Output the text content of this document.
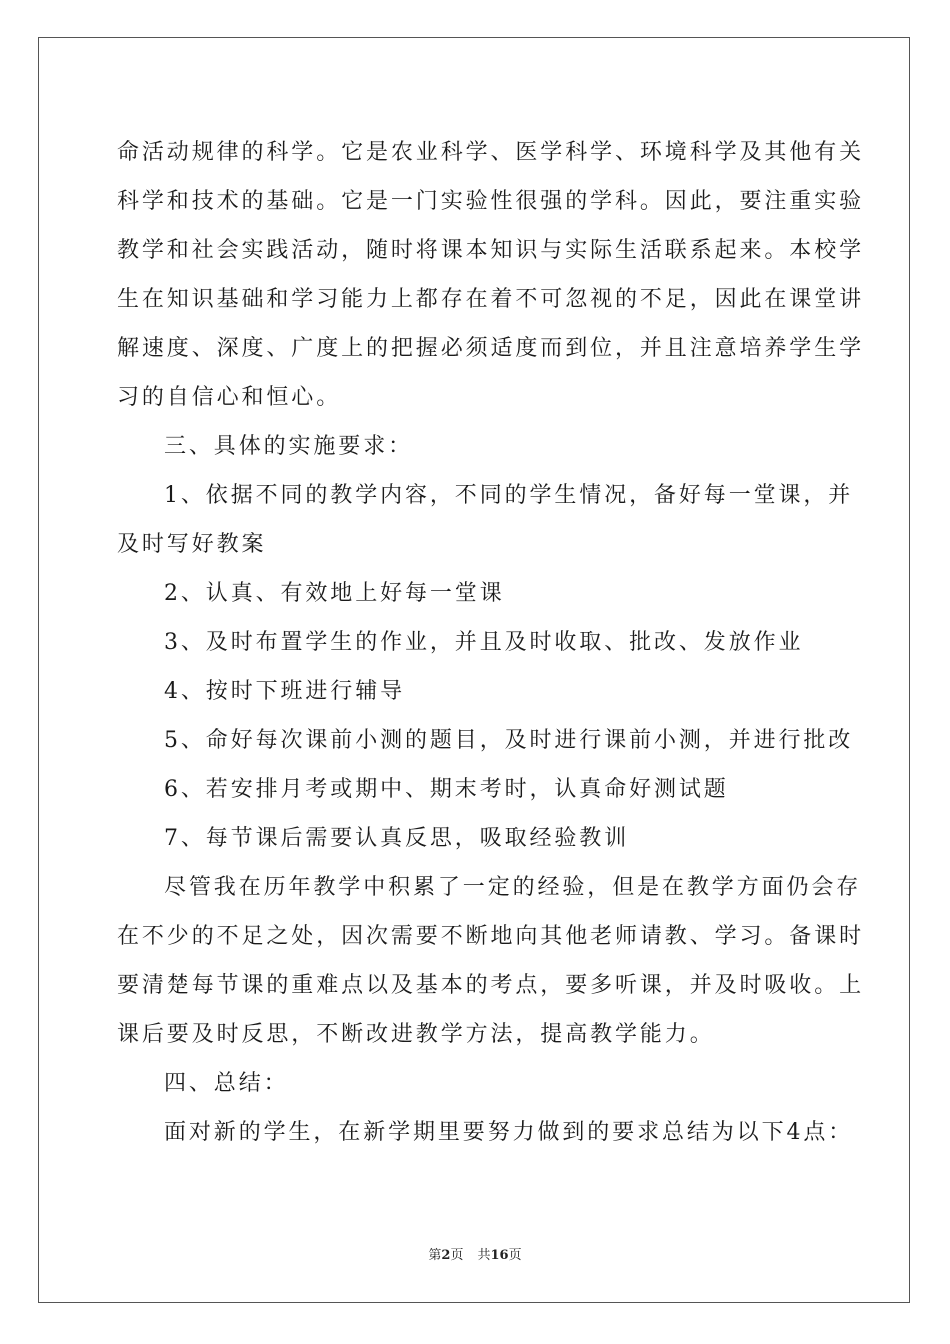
命活动规律的科学。它是农业科学、医学科学、环境科学及其他有关
科学和技术的基础。它是一门实验性很强的学科。因此，要注重实验
教学和社会实践活动，随时将课本知识与实际生活联系起来。本校学
生在知识基础和学习能力上都存在着不可忽视的不足，因此在课堂讲
解速度、深度、广度上的把握必须适度而到位，并且注意培养学生学
习的自信心和恒心。
三、具体的实施要求：
1、依据不同的教学内容，不同的学生情况，备好每一堂课，并
及时写好教案
2、认真、有效地上好每一堂课
3、及时布置学生的作业，并且及时收取、批改、发放作业
4、按时下班进行辅导
5、命好每次课前小测的题目，及时进行课前小测，并进行批改
6、若安排月考或期中、期末考时，认真命好测试题
7、每节课后需要认真反思，吸取经验教训
尽管我在历年教学中积累了一定的经验，但是在教学方面仍会存
在不少的不足之处，因次需要不断地向其他老师请教、学习。备课时
要清楚每节课的重难点以及基本的考点，要多听课，并及时吸收。上
课后要及时反思，不断改进教学方法，提高教学能力。
四、总结：
面对新的学生，在新学期里要努力做到的要求总结为以下4点：
第2页 共16页
